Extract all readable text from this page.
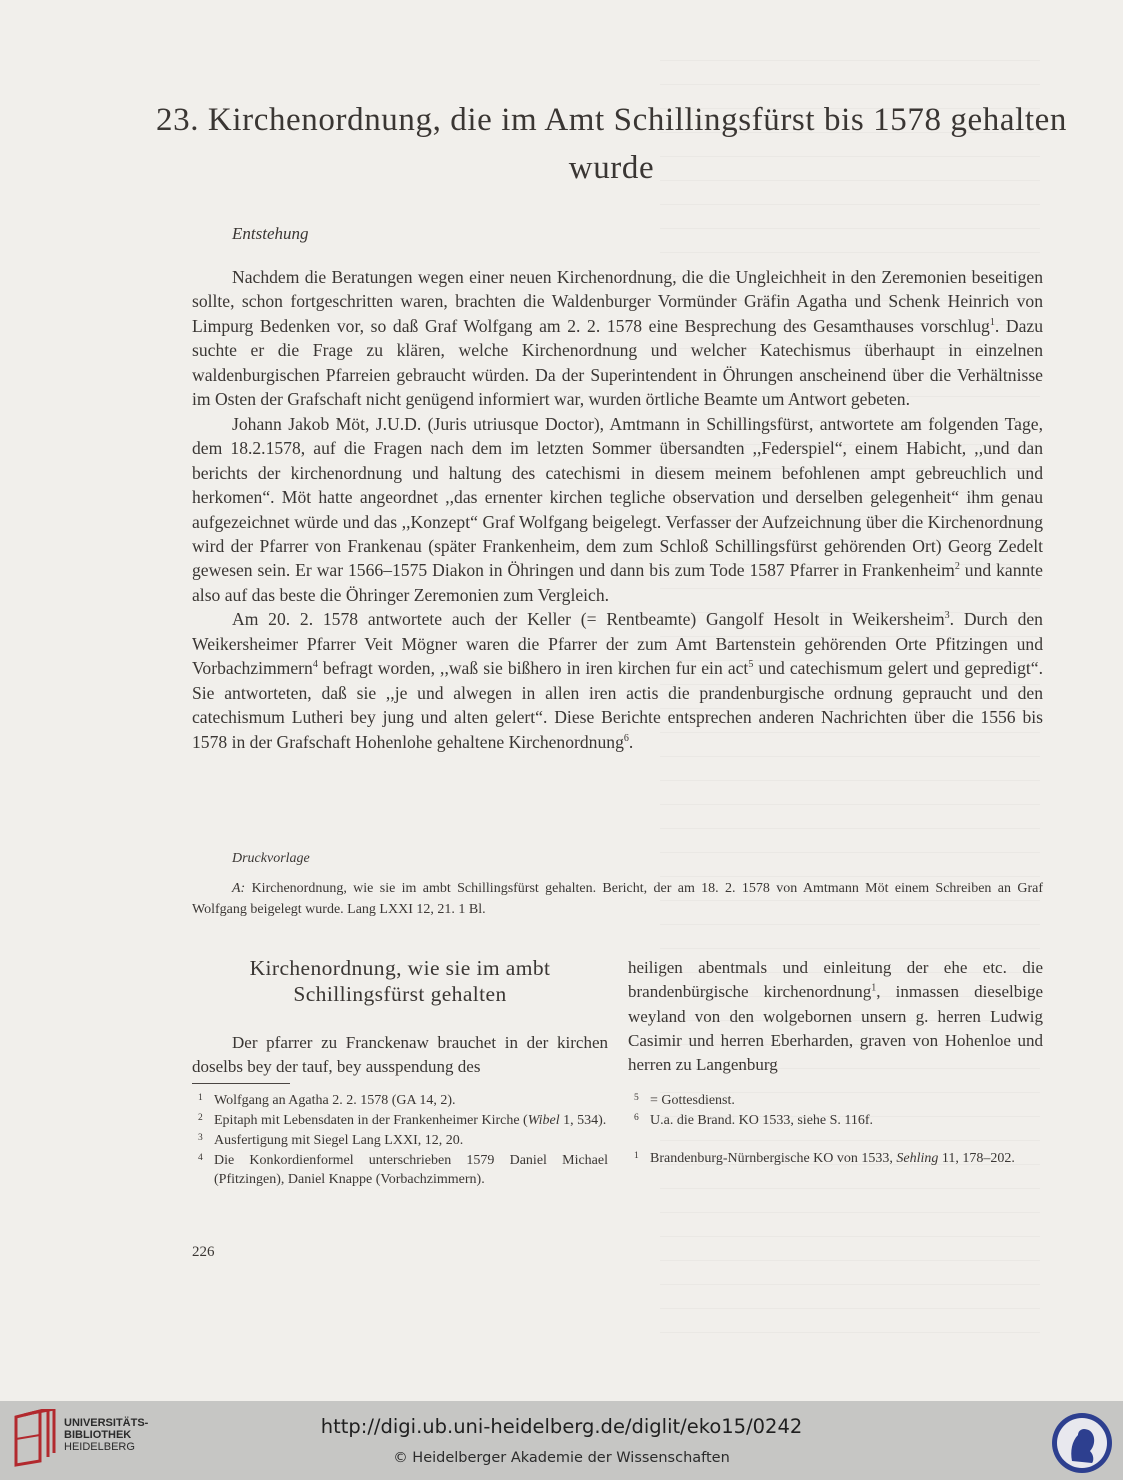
23. Kirchenordnung, die im Amt Schillingsfürst bis 1578 gehalten wurde
Entstehung

Nachdem die Beratungen wegen einer neuen Kirchenordnung, die die Ungleichheit in den Zeremonien beseitigen sollte, schon fortgeschritten waren, brachten die Waldenburger Vormünder Gräfin Agatha und Schenk Heinrich von Limpurg Bedenken vor, so daß Graf Wolfgang am 2. 2. 1578 eine Besprechung des Gesamthauses vorschlug$^1$. Dazu suchte er die Frage zu klären, welche Kirchenordnung und welcher Katechismus überhaupt in einzelnen waldenburgischen Pfarreien gebraucht würden. Da der Superintendent in Öhrungen anscheinend über die Verhältnisse im Osten der Grafschaft nicht genügend informiert war, wurden örtliche Beamte um Antwort gebeten.

Johann Jakob Möt, J.U.D. (Juris utriusque Doctor), Amtmann in Schillingsfürst, antwortete am folgenden Tage, dem 18.2.1578, auf die Fragen nach dem im letzten Sommer übersandten ,,Federspiel“, einem Habicht, ,,und dan berichts der kirchenordnung und haltung des catechismi in diesem meinem befohlenen ampt gebreuchlich und herkomen“. Möt hatte angeordnet ,,das ernenter kirchen tegliche observation und derselben gelegenheit“ ihm genau aufgezeichnet würde und das ,,Konzept“ Graf Wolfgang beigelegt. Verfasser der Aufzeichnung über die Kirchenordnung wird der Pfarrer von Frankenau (später Frankenheim, dem zum Schloß Schillingsfürst gehörenden Ort) Georg Zedelt gewesen sein. Er war 1566–1575 Diakon in Öhringen und dann bis zum Tode 1587 Pfarrer in Frankenheim$^2$ und kannte also auf das beste die Öhringer Zeremonien zum Vergleich.

Am 20. 2. 1578 antwortete auch der Keller (= Rentbeamte) Gangolf Hesolt in Weikersheim$^3$. Durch den Weikersheimer Pfarrer Veit Mögner waren die Pfarrer der zum Amt Bartenstein gehörenden Orte Pfitzingen und Vorbachzimmern$^4$ befragt worden, ,,waß sie bißhero in iren kirchen fur ein act$^5$ und catechismum gelert und gepredigt“. Sie antworteten, daß sie ,,je und alwegen in allen iren actis die prandenburgische ordnung gepraucht und den catechismum Lutheri bey jung und alten gelert“. Diese Berichte entsprechen anderen Nachrichten über die 1556 bis 1578 in der Grafschaft Hohenlohe gehaltene Kirchenordnung$^6$.

Druckvorlage

A: Kirchenordnung, wie sie im ambt Schillingsfürst gehalten. Bericht, der am 18. 2. 1578 von Amtmann Möt einem Schreiben an Graf Wolfgang beigelegt wurde. Lang LXXI 12, 21. 1 Bl.

Kirchenordnung, wie sie im ambt Schillingsfürst gehalten

Der pfarrer zu Franckenaw brauchet in der kirchen doselbs bey der tauf, bey ausspendung des

heiligen abentmals und einleitung der ehe etc. die brandenbürgische kirchenordnung$^1$, inmassen dieselbige weyland von den wolgebornen unsern g. herren Ludwig Casimir und herren Eberharden, graven von Hohenloe und herren zu Langenburg

1 Wolfgang an Agatha 2. 2. 1578 (GA 14, 2).
2 Epitaph mit Lebensdaten in der Frankenheimer Kirche (Wibel 1, 534).
3 Ausfertigung mit Siegel Lang LXXI, 12, 20.
4 Die Konkordienformel unterschrieben 1579 Daniel Michael (Pfitzingen), Daniel Knappe (Vorbachzimmern).
5 = Gottesdienst.
6 U.a. die Brand. KO 1533, siehe S. 116f.
1 Brandenburg-Nürnbergische KO von 1533, Sehling 11, 178–202.
226
UNIVERSITÄTS-
BIBLIOTHEK
HEIDELBERG
http://digi.ub.uni-heidelberg.de/diglit/eko15/0242
© Heidelberger Akademie der Wissenschaften
